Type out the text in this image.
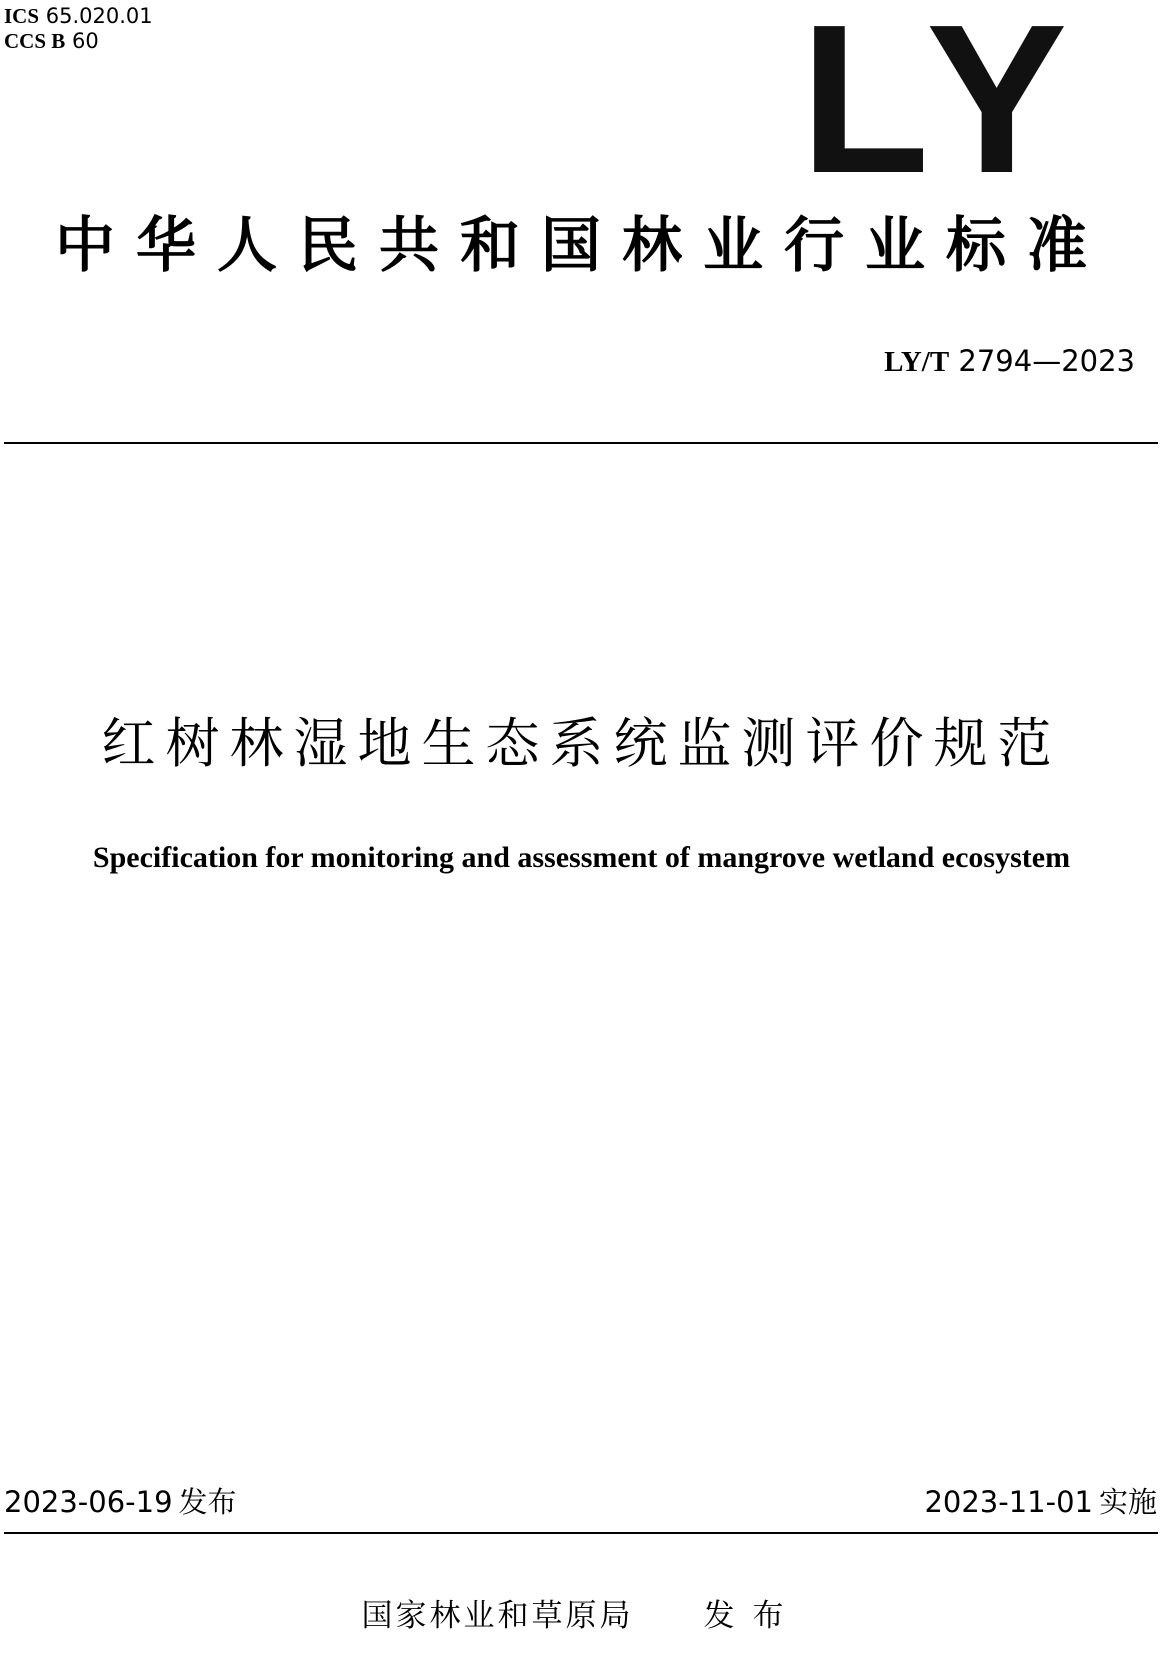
ICS 65.020.01
CCS B 60	LY
中华人民共和国林业行业标准
LY/T 2794—2023
红树林湿地生态系统监测评价规范
Specification for monitoring and assessment of mangrove wetland ecosystem
2023-06-19 发布	2023-11-01 实施
国家林业和草原局 发布
